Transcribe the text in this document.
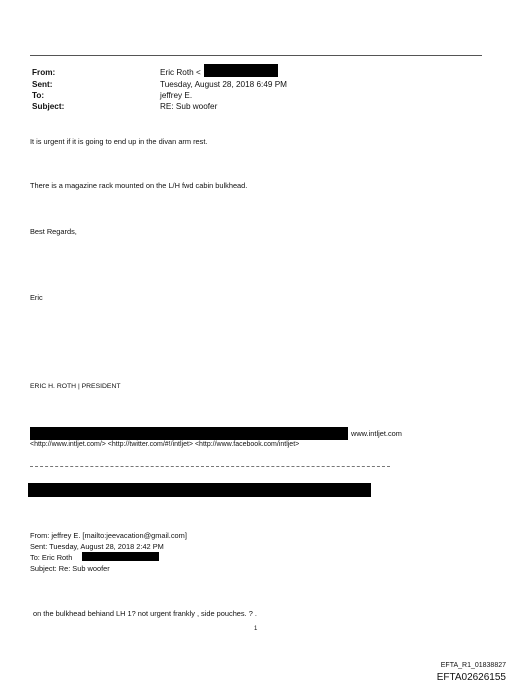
From:	Eric Roth <
Sent:	Tuesday, August 28, 2018 6:49 PM
To:	jeffrey E.
Subject:	RE: Sub woofer
It is urgent if it is going to end up in the divan arm rest.
There is a magazine rack mounted on the L/H fwd cabin bulkhead.
Best Regards,
Eric
ERIC H. ROTH | PRESIDENT
www.intljet.com
<http://www.intljet.com/> <http://twitter.com/#!/intljet> <http://www.facebook.com/intljet>
From: jeffrey E. [mailto:jeevacation@gmail.com]
Sent: Tuesday, August 28, 2018 2:42 PM
To: Eric Roth
Subject: Re: Sub woofer
on the bulkhead behiand LH 1? not urgent frankly , side pouches. ? .
1
EFTA_R1_01838827
EFTA02626155
